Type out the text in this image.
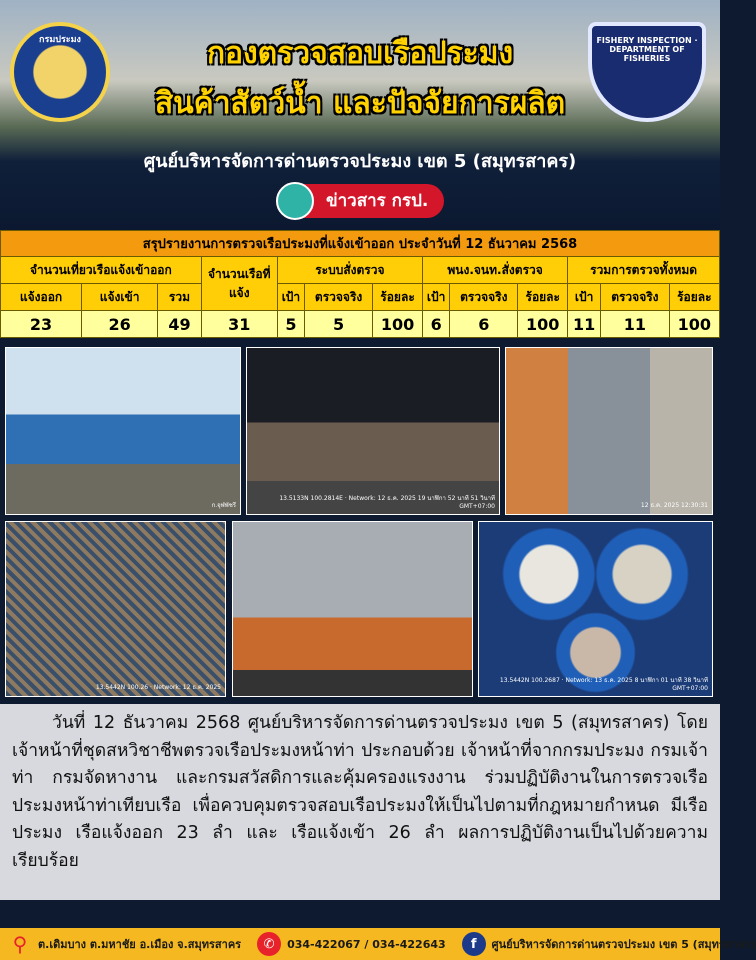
กรมประมง	FISHERY INSPECTION · DEPARTMENT OF FISHERIES
กองตรวจสอบเรือประมง
สินค้าสัตว์น้ำ และปัจจัยการผลิต
ศูนย์บริหารจัดการด่านตรวจประมง เขต 5 (สมุทรสาคร)
ข่าวสาร กรป.
สรุปรายงานการตรวจเรือประมงที่แจ้งเข้าออก ประจำวันที่ 12 ธันวาคม 2568												
จำนวนเที่ยวเรือแจ้งเข้าออก			จำนวนเรือที่แจ้ง	ระบบสั่งตรวจ			พนง.จนท.สั่งตรวจ			รวมการตรวจทั้งหมด		
แจ้งออก	แจ้งเข้า	รวม		เป้า	ตรวจจริง	ร้อยละ	เป้า	ตรวจจริง	ร้อยละ	เป้า	ตรวจจริง	ร้อยละ
23	26	49	31	5	5	100	6	6	100	11	11	100
ก.จุฬพัชรี
13.5133N 100.2814E · Network: 12 ธ.ค. 2025 19 นาฬิกา 52 นาที 51 วินาที GMT+07:00	12 ธ.ค. 2025 12:30:31
13.5442N 100.26 · Network: 12 ธ.ค. 2025
13.5442N 100.2687 · Network: 13 ธ.ค. 2025 8 นาฬิกา 01 นาที 38 วินาที GMT+07:00
วันที่ 12 ธันวาคม 2568 ศูนย์บริหารจัดการด่านตรวจประมง เขต 5 (สมุทรสาคร) โดยเจ้าหน้าที่ชุดสหวิชาชีพตรวจเรือประมงหน้าท่า ประกอบด้วย เจ้าหน้าที่จากกรมประมง กรมเจ้าท่า กรมจัดหางาน และกรมสวัสดิการและคุ้มครองแรงงาน ร่วมปฏิบัติงานในการตรวจเรือประมงหน้าท่าเทียบเรือ เพื่อควบคุมตรวจสอบเรือประมงให้เป็นไปตามที่กฎหมายกำหนด มีเรือประมง เรือแจ้งออก 23 ลำ และ เรือแจ้งเข้า 26 ลำ ผลการปฏิบัติงานเป็นไปด้วยความเรียบร้อย
⚲ ต.เดิมบาง ต.มหาชัย อ.เมือง จ.สมุทรสาคร	✆	034-422067 / 034-422643	f	ศูนย์บริหารจัดการด่านตรวจประมง เขต 5 (สมุทรสาคร)
